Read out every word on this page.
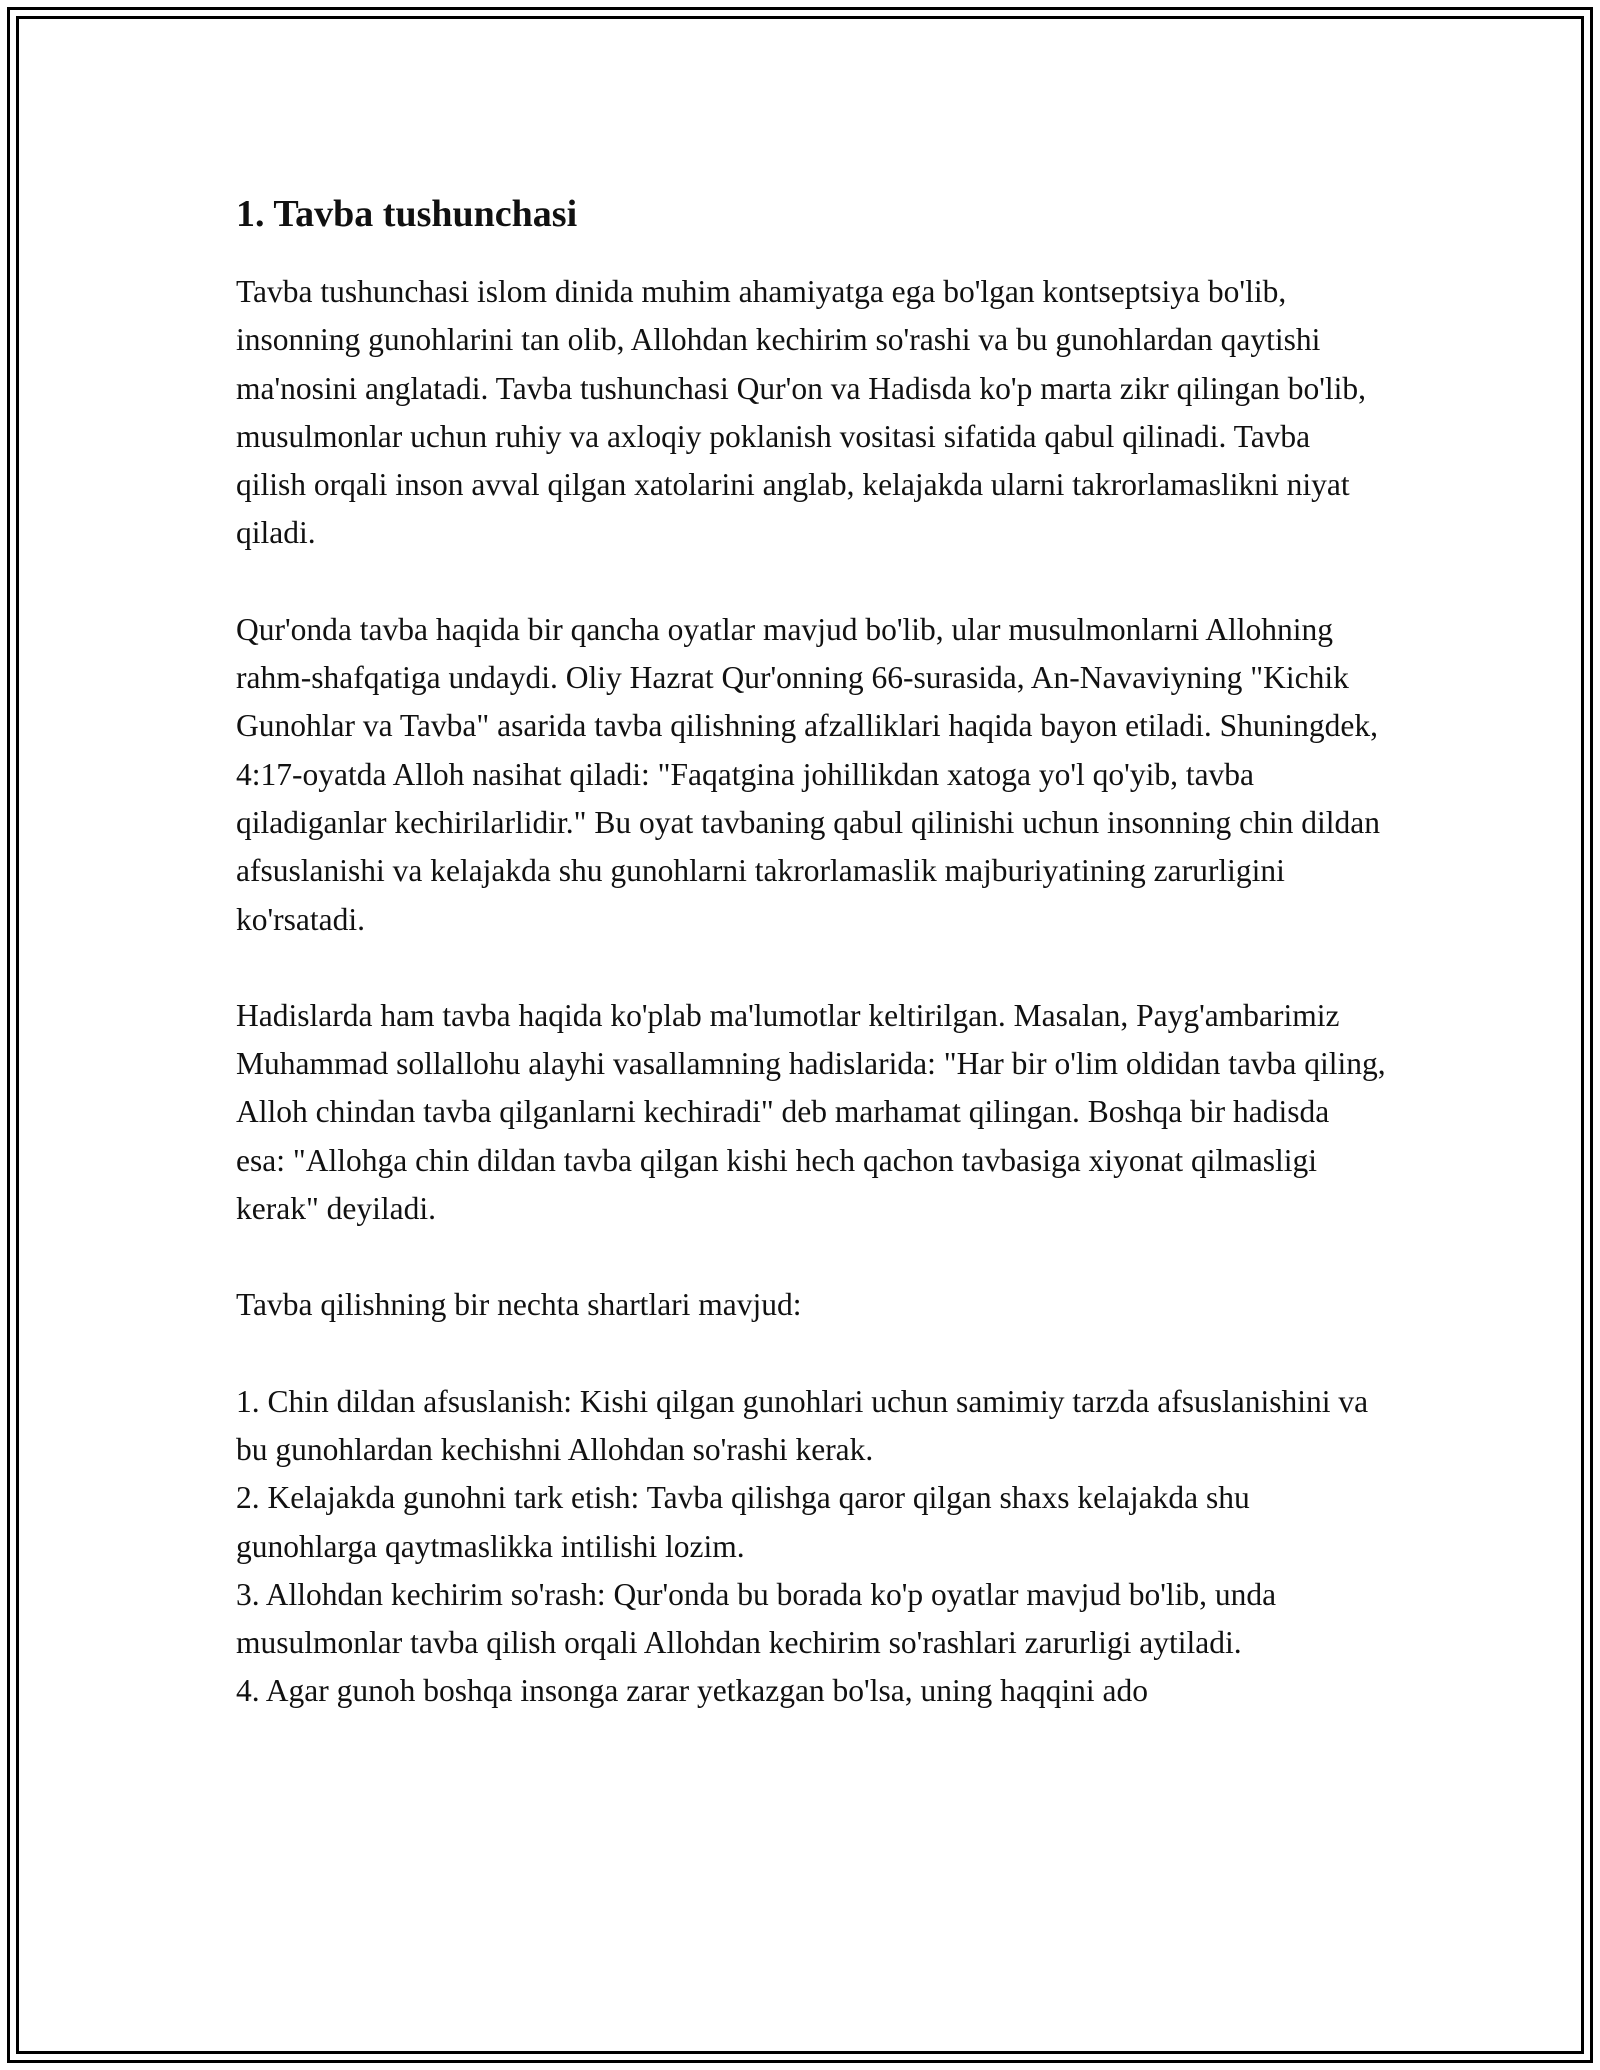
1. Tavba tushunchasi

Tavba tushunchasi islom dinida muhim ahamiyatga ega bo'lgan kontseptsiya bo'lib, insonning gunohlarini tan olib, Allohdan kechirim so'rashi va bu gunohlardan qaytishi ma'nosini anglatadi. Tavba tushunchasi Qur'on va Hadisda ko'p marta zikr qilingan bo'lib, musulmonlar uchun ruhiy va axloqiy poklanish vositasi sifatida qabul qilinadi. Tavba qilish orqali inson avval qilgan xatolarini anglab, kelajakda ularni takrorlamaslikni niyat qiladi.

Qur'onda tavba haqida bir qancha oyatlar mavjud bo'lib, ular musulmonlarni Allohning rahm-shafqatiga undaydi. Oliy Hazrat Qur'onning 66-surasida, An-Navaviyning "Kichik Gunohlar va Tavba" asarida tavba qilishning afzalliklari haqida bayon etiladi. Shuningdek, 4:17-oyatda Alloh nasihat qiladi: "Faqatgina johillikdan xatoga yo'l qo'yib, tavba qiladiganlar kechirilarlidir." Bu oyat tavbaning qabul qilinishi uchun insonning chin dildan afsuslanishi va kelajakda shu gunohlarni takrorlamaslik majburiyatining zarurligini ko'rsatadi.

Hadislarda ham tavba haqida ko'plab ma'lumotlar keltirilgan. Masalan, Payg'ambarimiz Muhammad sollallohu alayhi vasallamning hadislarida: "Har bir o'lim oldidan tavba qiling, Alloh chindan tavba qilganlarni kechiradi" deb marhamat qilingan. Boshqa bir hadisda esa: "Allohga chin dildan tavba qilgan kishi hech qachon tavbasiga xiyonat qilmasligi kerak" deyiladi.

Tavba qilishning bir nechta shartlari mavjud:

1. Chin dildan afsuslanish: Kishi qilgan gunohlari uchun samimiy tarzda afsuslanishini va bu gunohlardan kechishni Allohdan so'rashi kerak.
2. Kelajakda gunohni tark etish: Tavba qilishga qaror qilgan shaxs kelajakda shu gunohlarga qaytmaslikka intilishi lozim.
3. Allohdan kechirim so'rash: Qur'onda bu borada ko'p oyatlar mavjud bo'lib, unda musulmonlar tavba qilish orqali Allohdan kechirim so'rashlari zarurligi aytiladi.
4. Agar gunoh boshqa insonga zarar yetkazgan bo'lsa, uning haqqini ado
